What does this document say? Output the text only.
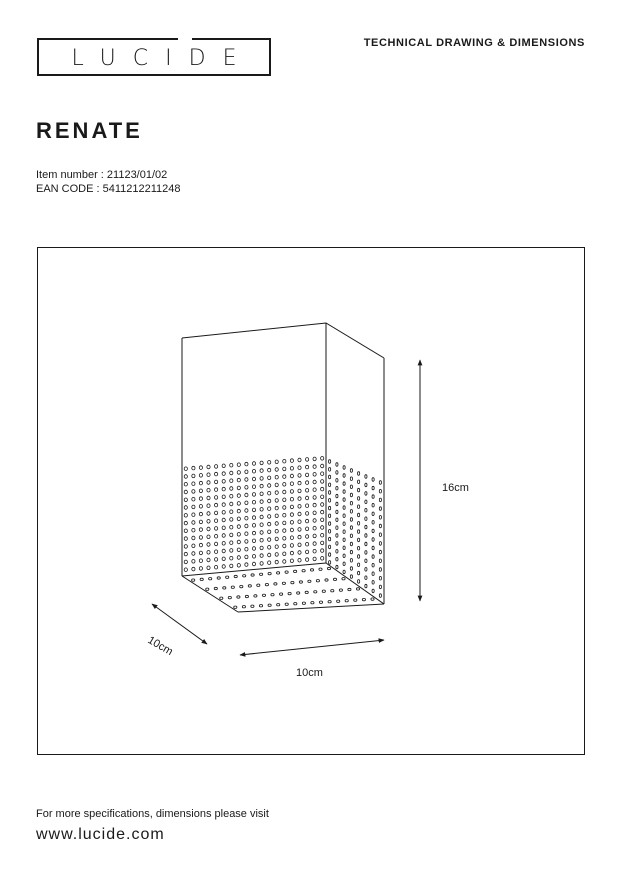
LUCIDE
TECHNICAL DRAWING & DIMENSIONS
RENATE
Item number : 21123/01/02
EAN CODE : 5411212211248
16cm
10cm
10cm
For more specifications, dimensions please visit
www.lucide.com
